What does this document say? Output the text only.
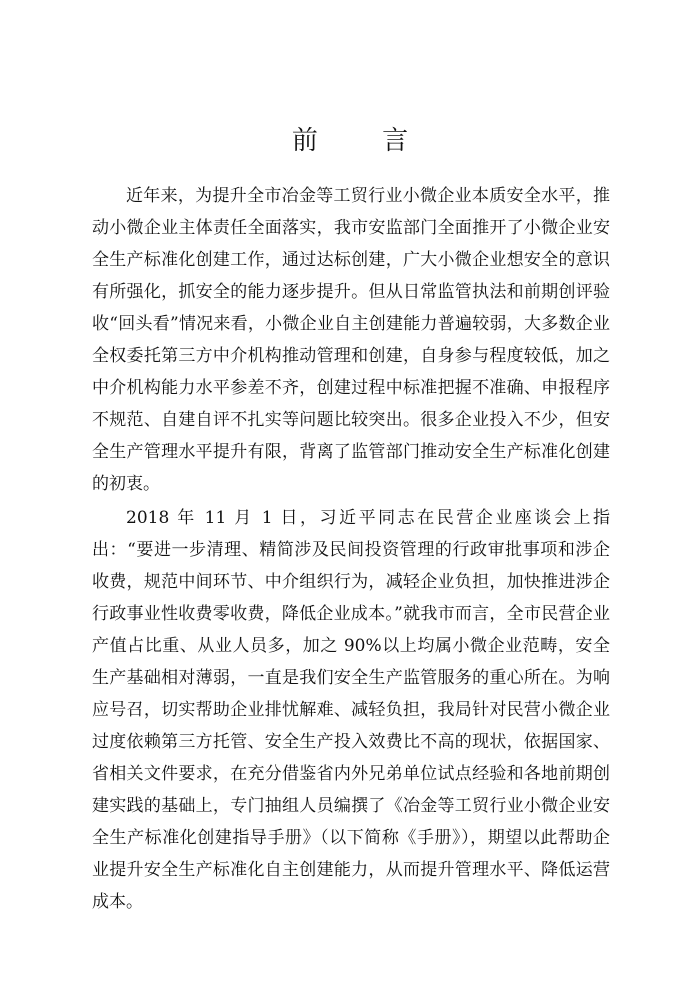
前 言

近年来，为提升全市冶金等工贸行业小微企业本质安全水平，推动小微企业主体责任全面落实，我市安监部门全面推开了小微企业安全生产标准化创建工作，通过达标创建，广大小微企业想安全的意识有所强化，抓安全的能力逐步提升。但从日常监管执法和前期创评验收“回头看”情况来看，小微企业自主创建能力普遍较弱，大多数企业全权委托第三方中介机构推动管理和创建，自身参与程度较低，加之中介机构能力水平参差不齐，创建过程中标准把握不准确、申报程序不规范、自建自评不扎实等问题比较突出。很多企业投入不少，但安全生产管理水平提升有限，背离了监管部门推动安全生产标准化创建的初衷。

2018 年 11 月 1 日，习近平同志在民营企业座谈会上指出：“要进一步清理、精简涉及民间投资管理的行政审批事项和涉企收费，规范中间环节、中介组织行为，减轻企业负担，加快推进涉企行政事业性收费零收费，降低企业成本。”就我市而言，全市民营企业产值占比重、从业人员多，加之 90%以上均属小微企业范畴，安全生产基础相对薄弱，一直是我们安全生产监管服务的重心所在。为响应号召，切实帮助企业排忧解难、减轻负担，我局针对民营小微企业过度依赖第三方托管、安全生产投入效费比不高的现状，依据国家、省相关文件要求，在充分借鉴省内外兄弟单位试点经验和各地前期创建实践的基础上，专门抽组人员编撰了《冶金等工贸行业小微企业安全生产标准化创建指导手册》（以下简称《手册》），期望以此帮助企业提升安全生产标准化自主创建能力，从而提升管理水平、降低运营成本。
